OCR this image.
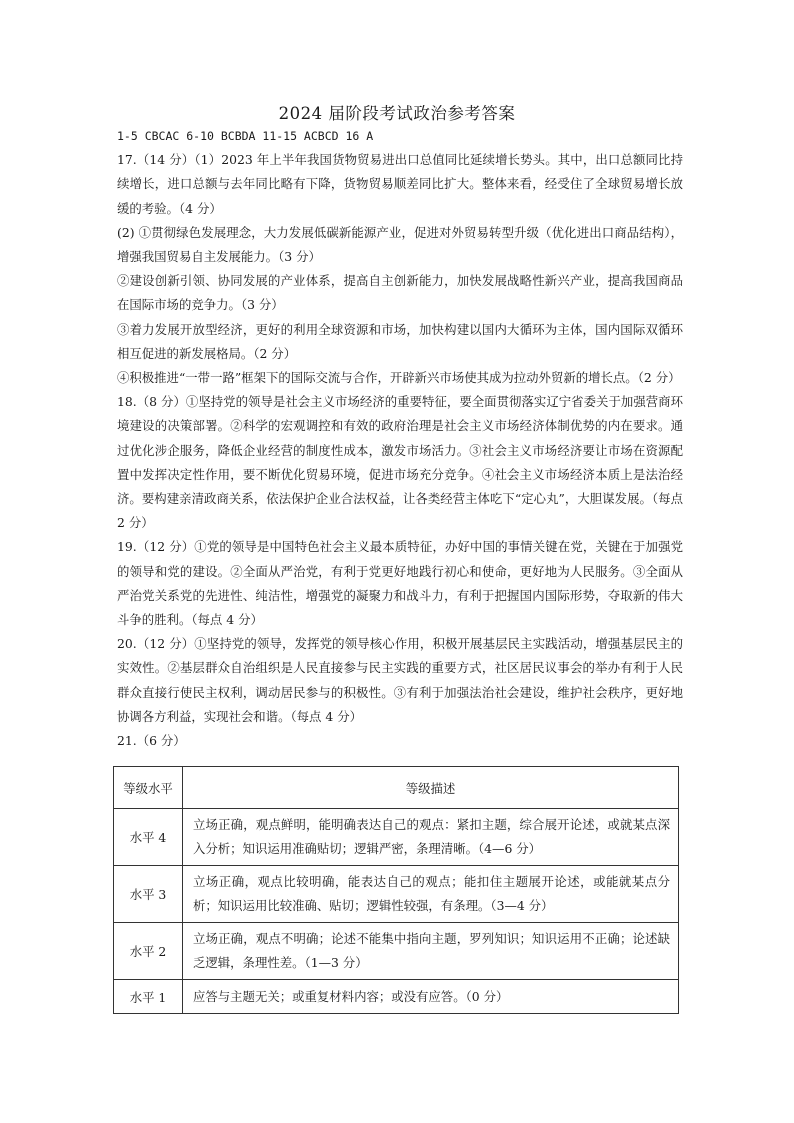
2024 届阶段考试政治参考答案

1-5 CBCAC 6-10 BCBDA 11-15 ACBCD 16 A

17.（14 分）（1）2023 年上半年我国货物贸易进出口总值同比延续增长势头。其中，出口总额同比持续增长，进口总额与去年同比略有下降，货物贸易顺差同比扩大。整体来看，经受住了全球贸易增长放缓的考验。（4 分）

(2) ①贯彻绿色发展理念，大力发展低碳新能源产业，促进对外贸易转型升级（优化进出口商品结构），增强我国贸易自主发展能力。（3 分）

②建设创新引领、协同发展的产业体系，提高自主创新能力，加快发展战略性新兴产业，提高我国商品在国际市场的竞争力。（3 分）

③着力发展开放型经济，更好的利用全球资源和市场，加快构建以国内大循环为主体，国内国际双循环相互促进的新发展格局。（2 分）

④积极推进“一带一路”框架下的国际交流与合作，开辟新兴市场使其成为拉动外贸新的增长点。（2 分）

18.（8 分）①坚持党的领导是社会主义市场经济的重要特征，要全面贯彻落实辽宁省委关于加强营商环境建设的决策部署。②科学的宏观调控和有效的政府治理是社会主义市场经济体制优势的内在要求。通过优化涉企服务，降低企业经营的制度性成本，激发市场活力。③社会主义市场经济要让市场在资源配置中发挥决定性作用，要不断优化贸易环境，促进市场充分竞争。④社会主义市场经济本质上是法治经济。要构建亲清政商关系，依法保护企业合法权益，让各类经营主体吃下“定心丸”，大胆谋发展。（每点 2 分）

19.（12 分）①党的领导是中国特色社会主义最本质特征，办好中国的事情关键在党，关键在于加强党的领导和党的建设。②全面从严治党，有利于党更好地践行初心和使命，更好地为人民服务。③全面从严治党关系党的先进性、纯洁性，增强党的凝聚力和战斗力，有利于把握国内国际形势，夺取新的伟大斗争的胜利。（每点 4 分）

20.（12 分）①坚持党的领导，发挥党的领导核心作用，积极开展基层民主实践活动，增强基层民主的实效性。②基层群众自治组织是人民直接参与民主实践的重要方式，社区居民议事会的举办有利于人民群众直接行使民主权利，调动居民参与的积极性。③有利于加强法治社会建设，维护社会秩序，更好地协调各方利益，实现社会和谐。（每点 4 分）

21.（6 分）

等级水平	等级描述
水平 4	立场正确，观点鲜明，能明确表达自己的观点：紧扣主题，综合展开论述，或就某点深入分析；知识运用准确贴切；逻辑严密，条理清晰。（4—6 分）
水平 3	立场正确，观点比较明确，能表达自己的观点；能扣住主题展开论述，或能就某点分析；知识运用比较准确、贴切；逻辑性较强，有条理。（3—4 分）
水平 2	立场正确，观点不明确；论述不能集中指向主题，罗列知识；知识运用不正确；论述缺乏逻辑，条理性差。（1—3 分）
水平 1	应答与主题无关；或重复材料内容；或没有应答。（0 分）
